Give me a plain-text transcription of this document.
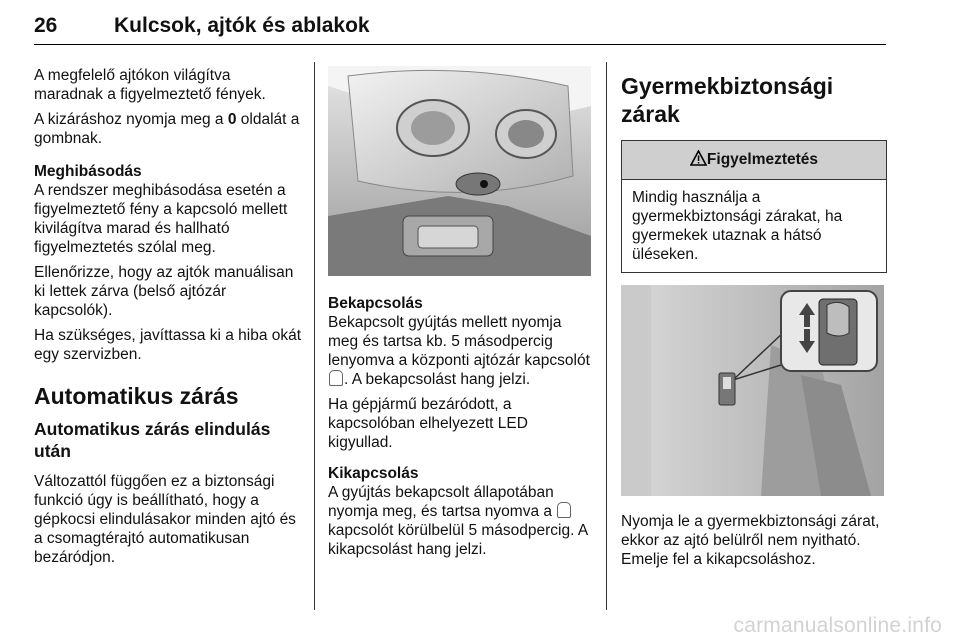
26	Kulcsok, ajtók és ablakok

A megfelelő ajtókon világítva maradnak a figyelmeztető fények.

A kizáráshoz nyomja meg a 0 oldalát a gombnak.

Meghibásodás

A rendszer meghibásodása esetén a figyelmeztető fény a kapcsoló mellett kivilágítva marad és hallható figyelmeztetés szólal meg.

Ellenőrizze, hogy az ajtók manuálisan ki lettek zárva (belső ajtózár kapcsolók).

Ha szükséges, javíttassa ki a hiba okát egy szervizben.

Automatikus zárás
Automatikus zárás elindulás után

Változattól függően ez a biztonsági funkció úgy is beállítható, hogy a gépkocsi elindulásakor minden ajtó és a csomagtérajtó automatikusan bezáródjon.

Bekapcsolás

Bekapcsolt gyújtás mellett nyomja meg és tartsa kb. 5 másodpercig lenyomva a központi ajtózár kapcsolót . A bekapcsolást hang jelzi.

Ha gépjármű bezáródott, a kapcsolóban elhelyezett LED kigyullad.

Kikapcsolás

A gyújtás bekapcsolt állapotában nyomja meg, és tartsa nyomva a  kapcsolót körülbelül 5 másodpercig. A kikapcsolást hang jelzi.

Gyermekbiztonsági zárak
Figyelmeztetés

Mindig használja a gyermekbiztonsági zárakat, ha gyermekek utaznak a hátsó üléseken.

Nyomja le a gyermekbiztonsági zárat, ekkor az ajtó belülről nem nyitható. Emelje fel a kikapcsoláshoz.

carmanualsonline.info
